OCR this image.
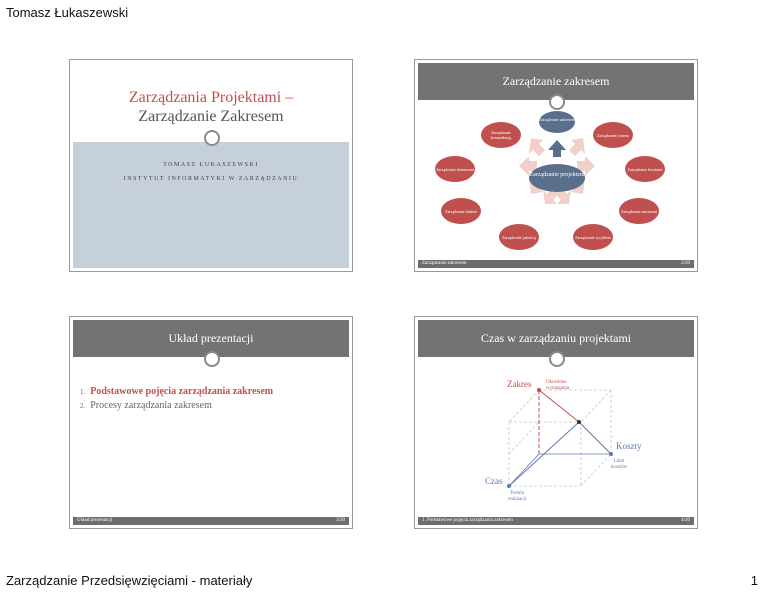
Tomasz Łukaszewski
Zarządzania Projektami –
Zarządzanie Zakresem
TOMASZ ŁUKASZEWSKI
INSTYTUT INFORMATYKI W ZARZĄDZANIU
Zarządzanie zakresem
Zarządzanie projektem
Zarządzanie zakresem
Zarządzanie czasem
Zarządzanie kosztami
Zarządzanie zmianami
Zarządzanie ryzykiem
Zarządzanie jakością
Zarządzanie ludźmi
Zarządzanie dostawami
Zarządzanie komunikacją
Zarządzanie zakresem	2/20
Układ prezentacji
1. Podstawowe pojęcia zarządzania zakresem
2. Procesy zarządzania zakresem
Układ prezentacji	3/20
Czas w zarządzaniu projektami
Zakres	Określone wymagania
Koszty
Limit kosztów
Czas
Termin realizacji
1. Podstawowe pojęcia zarządzania zakresem	4/20
Zarządzanie Przedsięwzięciami - materiały	1
